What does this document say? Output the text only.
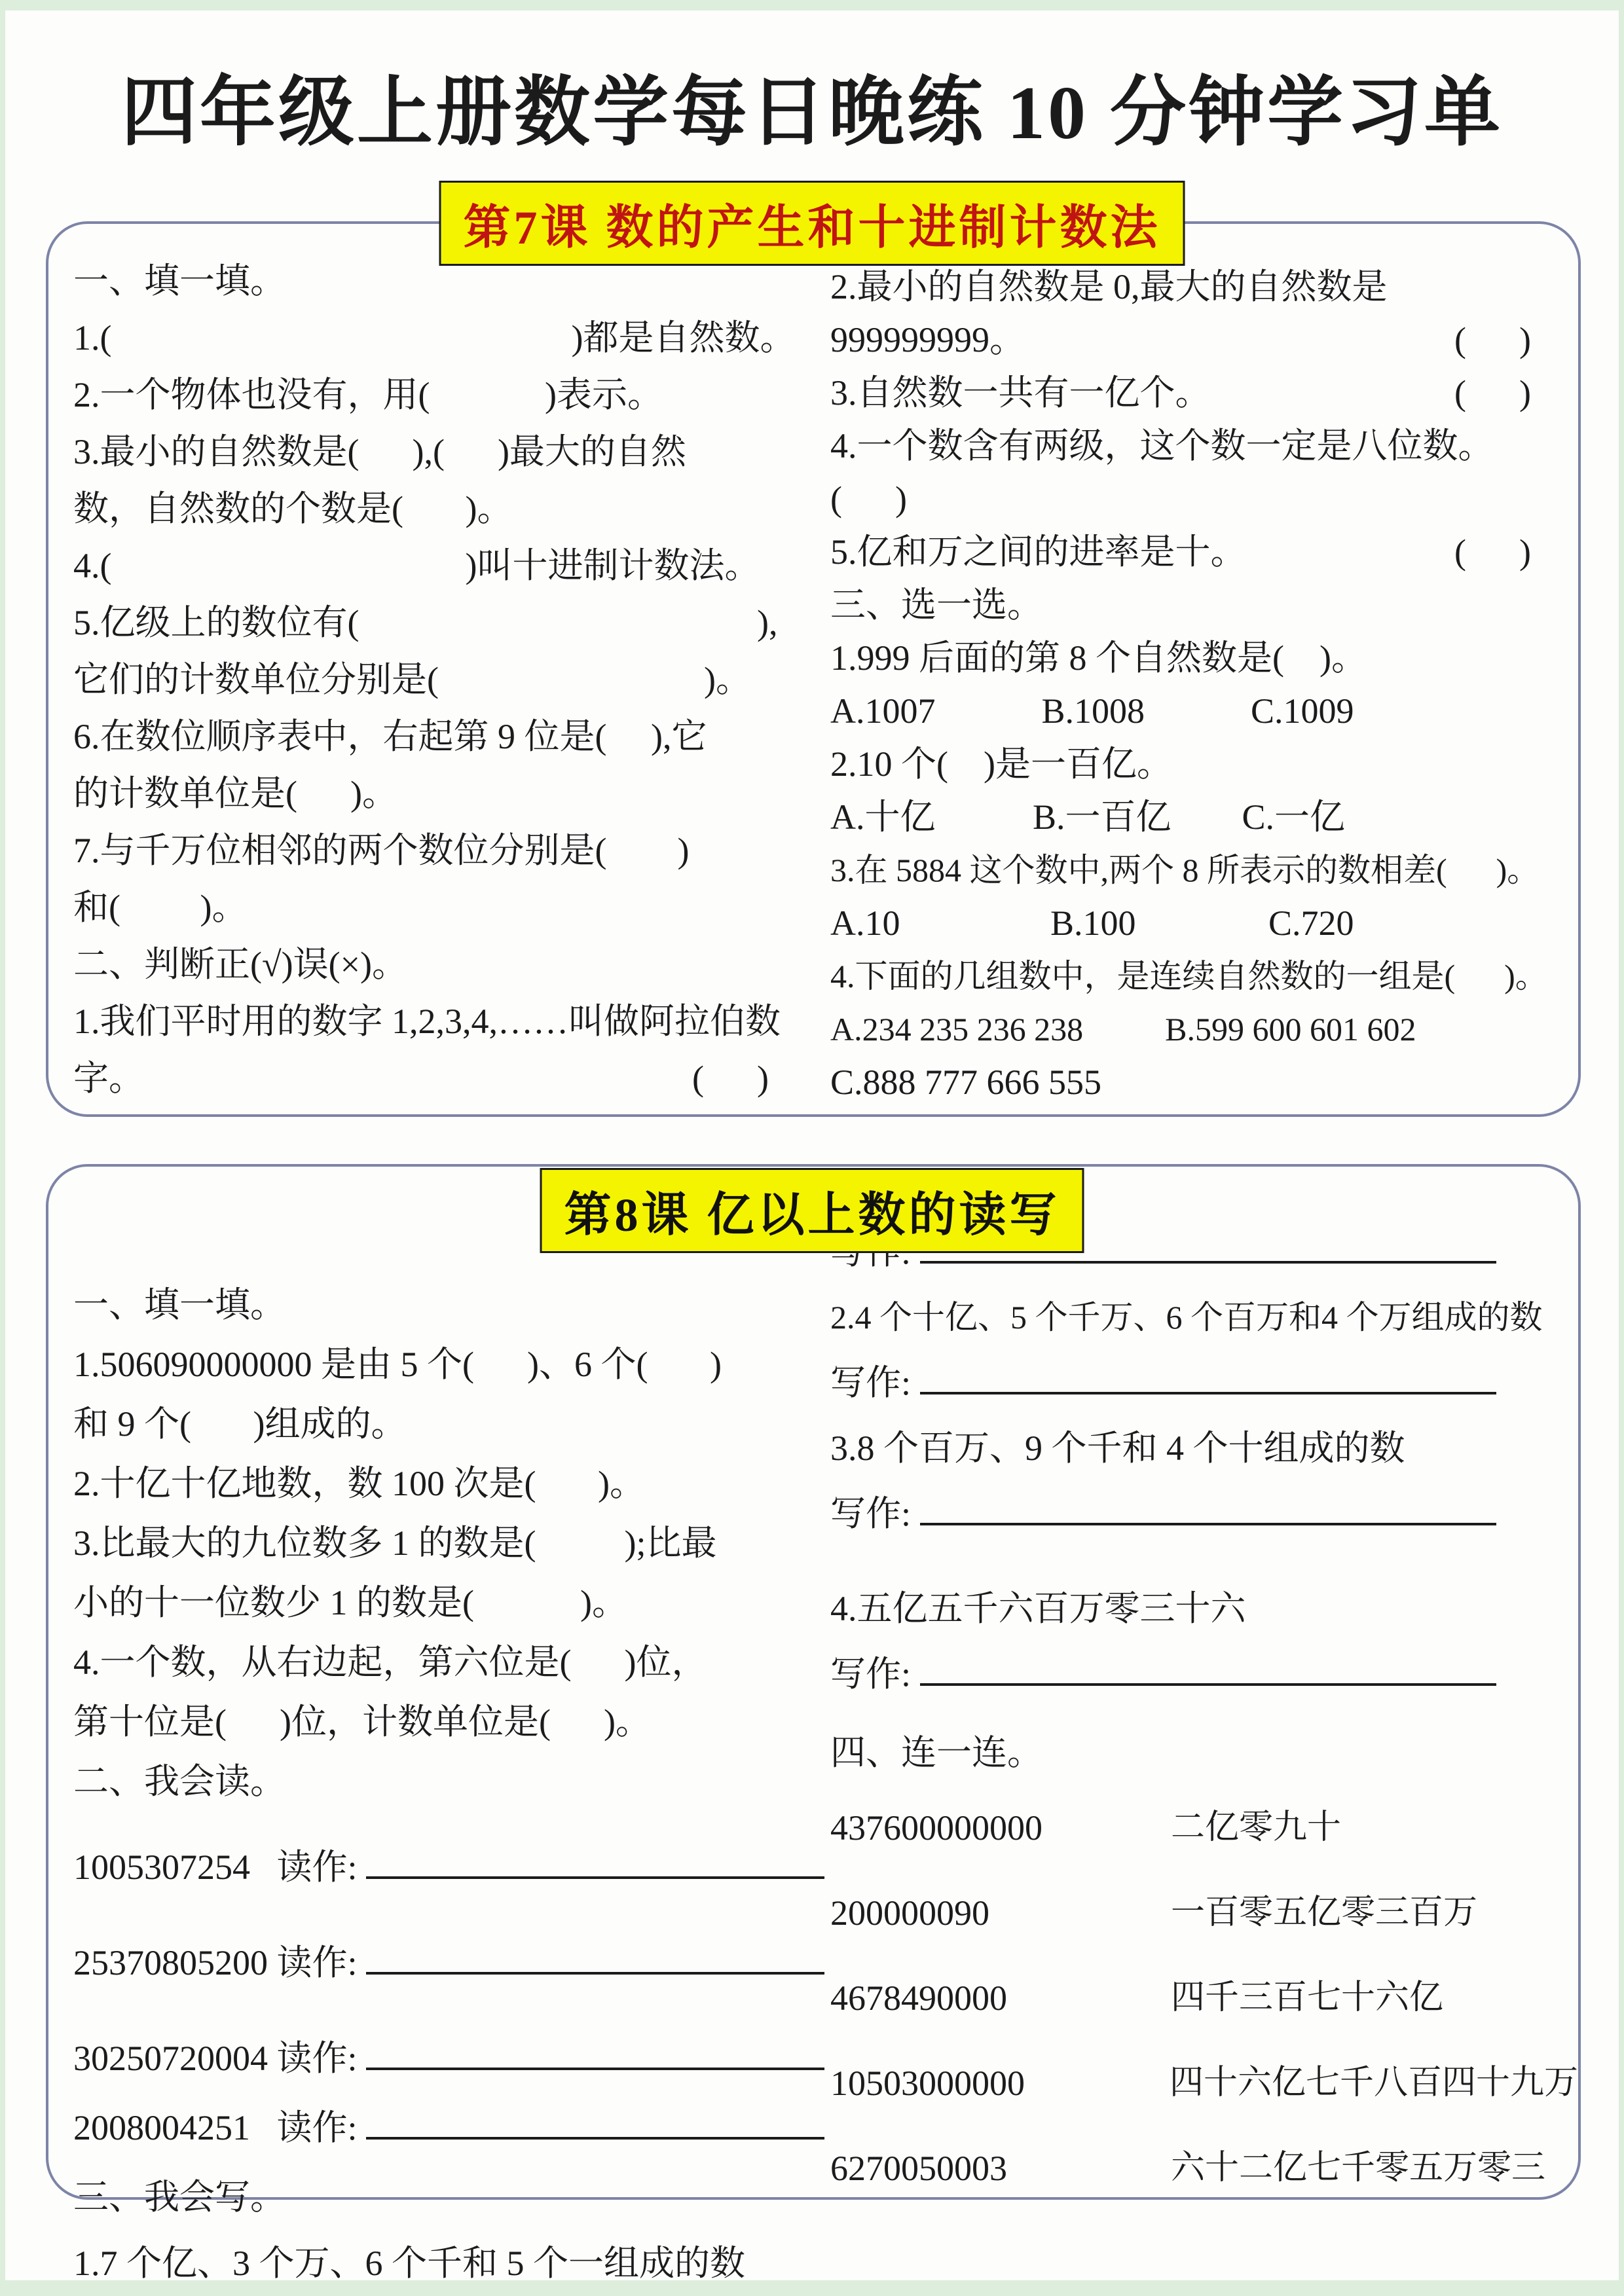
四年级上册数学每日晚练 10 分钟学习单
第7课 数的产生和十进制计数法
一、填一填。
1.(                                                    )都是自然数。
2.一个物体也没有，用(             )表示。
3.最小的自然数是(      ),(      )最大的自然
数，自然数的个数是(       )。
4.(                                        )叫十进制计数法。
5.亿级上的数位有(                                             ),
它们的计数单位分别是(                              )。
6.在数位顺序表中，右起第 9 位是(     ),它
的计数单位是(      )。
7.与千万位相邻的两个数位分别是(        )
和(         )。
二、判断正(√)误(×)。
1.我们平时用的数字 1,2,3,4,……叫做阿拉伯数
字。	(      )
2.最小的自然数是 0,最大的自然数是
999999999。	(      )
3.自然数一共有一亿个。	(      )
4.一个数含有两级，这个数一定是八位数。
(      )
5.亿和万之间的进率是十。	(      )
三、选一选。
1.999 后面的第 8 个自然数是(    )。
A.1007            B.1008            C.1009
2.10 个(    )是一百亿。
A.十亿           B.一百亿        C.一亿
3.在 5884 这个数中,两个 8 所表示的数相差(      )。
A.10                 B.100               C.720
4.下面的几组数中，是连续自然数的一组是(      )。
A.234 235 236 238          B.599 600 601 602
C.888 777 666 555
第8课 亿以上数的读写
一、填一填。
1.506090000000 是由 5 个(      )、6 个(       )
和 9 个(       )组成的。
2.十亿十亿地数，数 100 次是(       )。
3.比最大的九位数多 1 的数是(          );比最
小的十一位数少 1 的数是(            )。
4.一个数，从右边起，第六位是(      )位，
第十位是(      )位，计数单位是(      )。
二、我会读。
1005307254   读作:
25370805200 读作:
30250720004 读作:
2008004251   读作:
三、我会写。
1.7 个亿、3 个万、6 个千和 5 个一组成的数
2.4 个十亿、5 个千万、6 个百万和4 个万组成的数
写作:
3.8 个百万、9 个千和 4 个十组成的数
写作:
4.五亿五千六百万零三十六
写作:
四、连一连。
437600000000	二亿零九十
200000090	一百零五亿零三百万
4678490000	四千三百七十六亿
10503000000	四十六亿七千八百四十九万
6270050003	六十二亿七千零五万零三
